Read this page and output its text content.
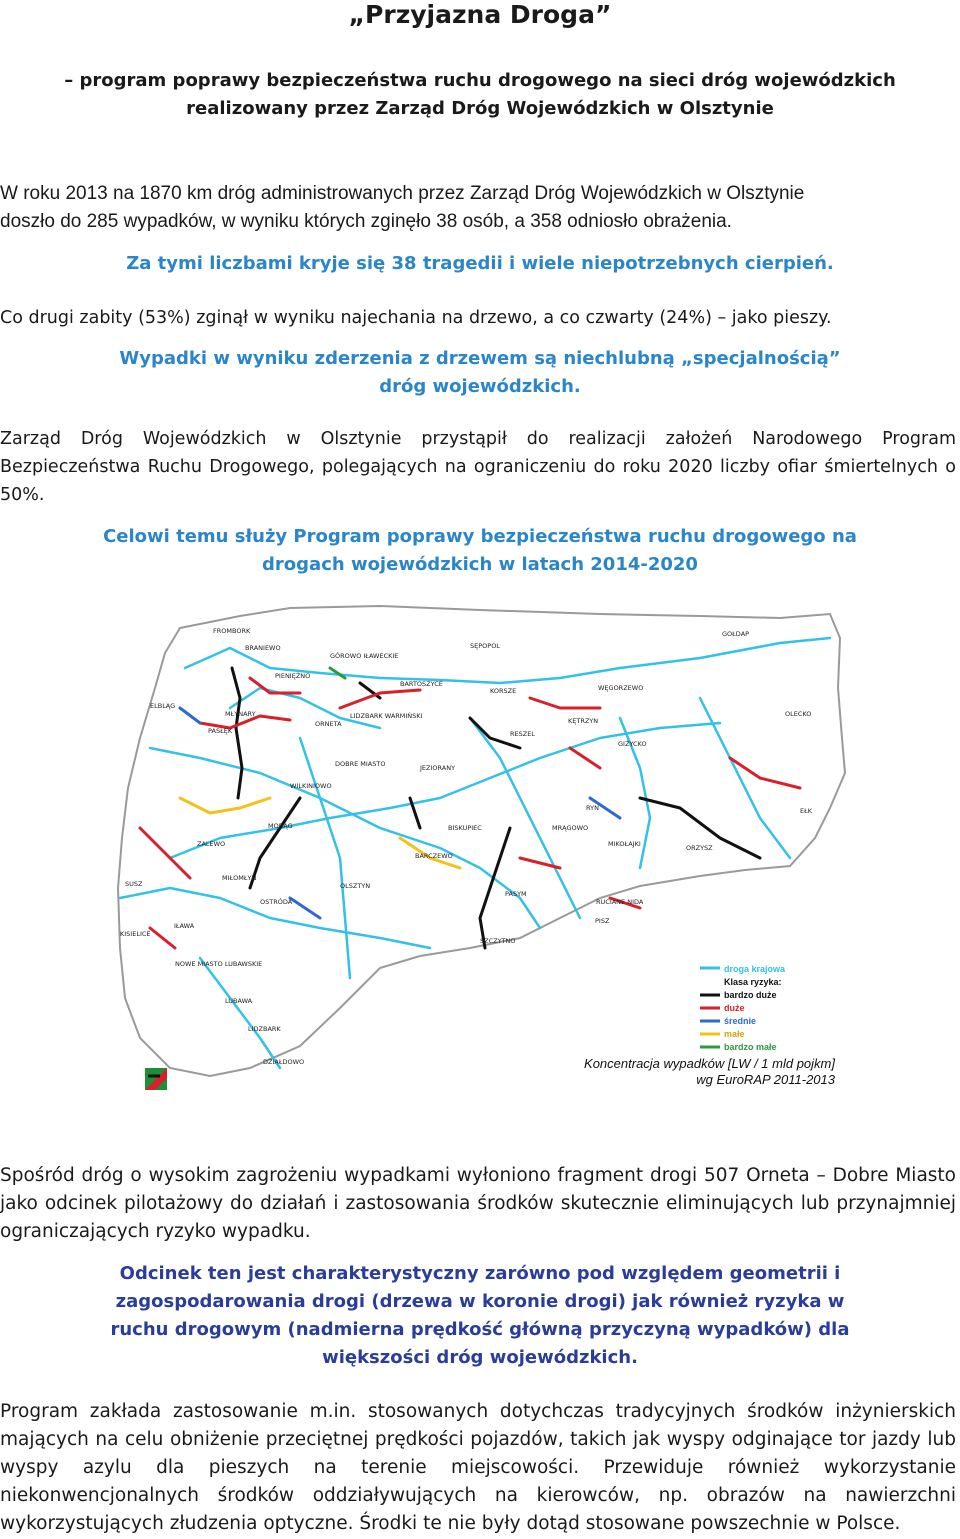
„Przyjazna Droga”
– program poprawy bezpieczeństwa ruchu drogowego na sieci dróg wojewódzkich
realizowany przez Zarząd Dróg Wojewódzkich w Olsztynie
W roku 2013 na 1870 km dróg administrowanych przez Zarząd Dróg Wojewódzkich w Olsztynie
doszło do 285 wypadków, w wyniku których zginęło 38 osób, a 358 odniosło obrażenia.
Za tymi liczbami kryje się 38 tragedii i wiele niepotrzebnych cierpień.
Co drugi zabity (53%) zginął w wyniku najechania na drzewo, a co czwarty (24%) – jako pieszy.
Wypadki w wyniku zderzenia z drzewem są niechlubną „specjalnością”
dróg wojewódzkich.
Zarząd Dróg Wojewódzkich w Olsztynie przystąpił do realizacji założeń Narodowego Program Bezpieczeństwa Ruchu Drogowego, polegających na ograniczeniu do roku 2020 liczby ofiar śmiertelnych o 50%.
Celowi temu służy Program poprawy bezpieczeństwa ruchu drogowego na
drogach wojewódzkich w latach 2014-2020
BRANIEWO
FROMBORK
GÓROWO IŁAWECKIE
SĘPOPOL
GOŁDAP
PIENIĘŻNO
BARTOSZYCE
KORSZE	WĘGORZEWO
ELBLĄG
MŁYNARY
PASŁĘK
ORNETA
LIDZBARK WARMIŃSKI
RESZEL
KĘTRZYN
GIŻYCKO
OLECKO
DOBRE MIASTO	JEZIORANY
WILKINIOWO
MORĄG
RYN	EŁK
BISKUPIEC	MRĄGOWO
MIKOŁAJKI	ORZYSZ
ZALEWO
BARCZEWO
MIŁOMŁYN
OLSZTYN
SUSZ
OSTRÓDA
PASYM
RUCIANE NIDA
KISIELICE
IŁAWA
PISZ
NOWE MIASTO LUBAWSKIE
SZCZYTNO
LUBAWA
LIDZBARK
DZIAŁDOWO
droga krajowa
Klasa ryzyka:
bardzo duże
duże
średnie
małe
bardzo małe
Koncentracja wypadków [LW / 1 mld pojkm]
wg EuroRAP 2011-2013
Spośród dróg o wysokim zagrożeniu wypadkami wyłoniono fragment drogi 507 Orneta – Dobre Miasto jako odcinek pilotażowy do działań i zastosowania środków skutecznie eliminujących lub przynajmniej ograniczających ryzyko wypadku.
Odcinek ten jest charakterystyczny zarówno pod względem geometrii i
zagospodarowania drogi (drzewa w koronie drogi) jak również ryzyka w
ruchu drogowym (nadmierna prędkość główną przyczyną wypadków) dla
większości dróg wojewódzkich.
Program zakłada zastosowanie m.in. stosowanych dotychczas tradycyjnych środków inżynierskich mających na celu obniżenie przeciętnej prędkości pojazdów, takich jak wyspy odginające tor jazdy lub wyspy azylu dla pieszych na terenie miejscowości. Przewiduje również wykorzystanie niekonwencjonalnych środków oddziaływujących na kierowców, np. obrazów na nawierzchni wykorzystujących złudzenia optyczne. Środki te nie były dotąd stosowane powszechnie w Polsce.
